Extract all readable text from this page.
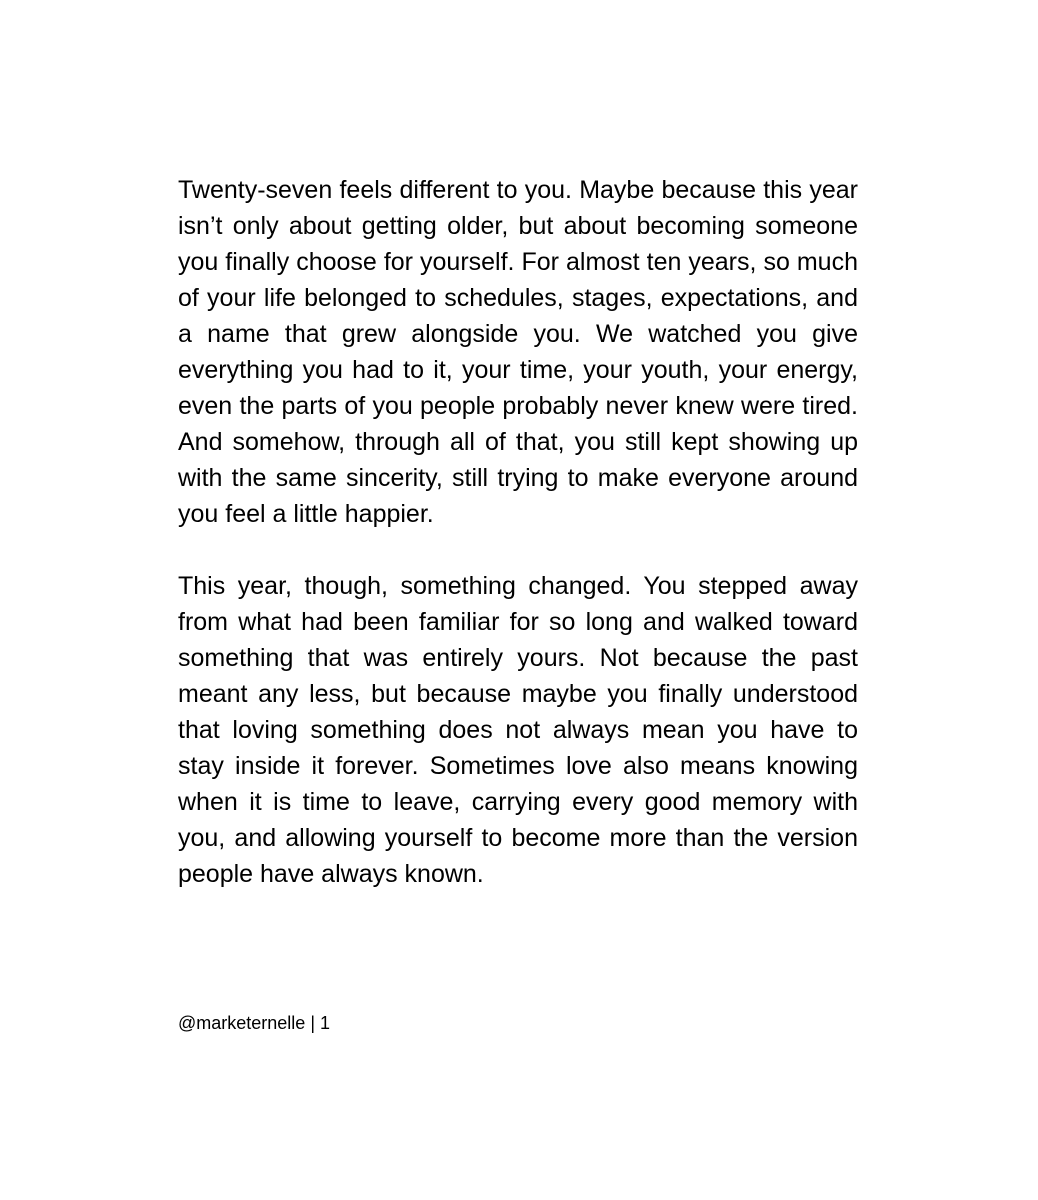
Twenty-seven feels different to you. Maybe because this year isn’t only about getting older, but about becoming someone you finally choose for yourself. For almost ten years, so much of your life belonged to schedules, stages, expectations, and a name that grew alongside you. We watched you give everything you had to it, your time, your youth, your energy, even the parts of you people probably never knew were tired. And somehow, through all of that, you still kept showing up with the same sincerity, still trying to make everyone around you feel a little happier.

This year, though, something changed. You stepped away from what had been familiar for so long and walked toward something that was entirely yours. Not because the past meant any less, but because maybe you finally understood that loving something does not always mean you have to stay inside it forever. Sometimes love also means knowing when it is time to leave, carrying every good memory with you, and allowing yourself to become more than the version people have always known.

@marketernelle | 1
